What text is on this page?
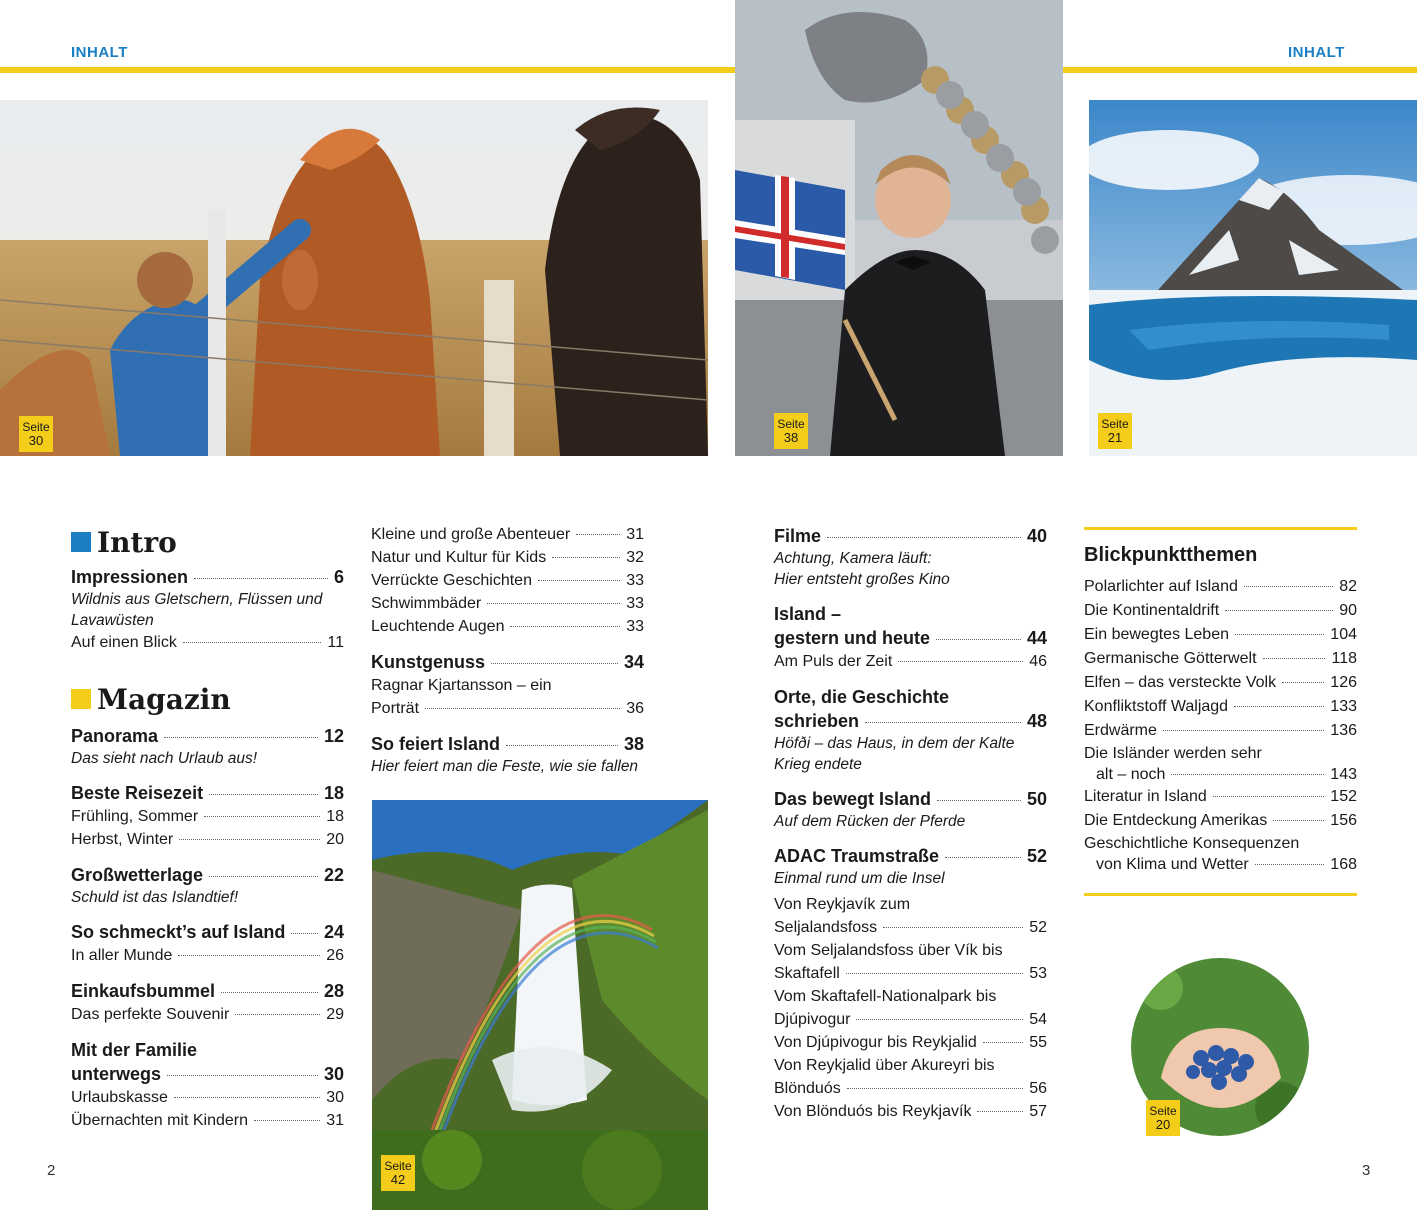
INHALT	INHALT
Seite
30
Seite
38
Seite
21
Seite
42
Seite
20
Intro
Impressionen	6
Wildnis aus Gletschern, Flüssen und Lavawüsten
Auf einen Blick	11
Magazin
Panorama	12
Das sieht nach Urlaub aus!
Beste Reisezeit	18
Frühling, Sommer	18
Herbst, Winter	20
Großwetterlage	22
Schuld ist das Islandtief!
So schmeckt’s auf Island 24
In aller Munde	26
Einkaufsbummel	28
Das perfekte Souvenir	29
Mit der Familie
unterwegs	30
Urlaubskasse	30
Übernachten mit Kindern	31
Kleine und große Abenteuer	31
Natur und Kultur für Kids	32
Verrückte Geschichten	33
Schwimmbäder	33
Leuchtende Augen	33
Kunstgenuss	34
Ragnar Kjartansson – ein
Porträt	36
So feiert Island	38
Hier feiert man die Feste, wie sie fallen
Filme	40
Achtung, Kamera läuft:
Hier entsteht großes Kino
Island –
gestern und heute	44
Am Puls der Zeit	46
Orte, die Geschichte
schrieben	48
Höfði – das Haus, in dem der Kalte Krieg endete
Das bewegt Island	50
Auf dem Rücken der Pferde
ADAC Traumstraße	52
Einmal rund um die Insel
Von Reykjavík zum
Seljalandsfoss	52
Vom Seljalandsfoss über Vík bis
Skaftafell	53
Vom Skaftafell-Nationalpark bis
Djúpivogur	54
Von Djúpivogur bis Reykjalid	55
Von Reykjalid über Akureyri bis
Blönduós	56
Von Blönduós bis Reykjavík	57
Blickpunktthemen
Polarlichter auf Island	82
Die Kontinentaldrift	90
Ein bewegtes Leben	104
Germanische Götterwelt	118
Elfen – das versteckte Volk	126
Konfliktstoff Waljagd	133
Erdwärme	136
Die Isländer werden sehr
alt – noch	143
Literatur in Island	152
Die Entdeckung Amerikas	156
Geschichtliche Konsequenzen
von Klima und Wetter	168
2	3
